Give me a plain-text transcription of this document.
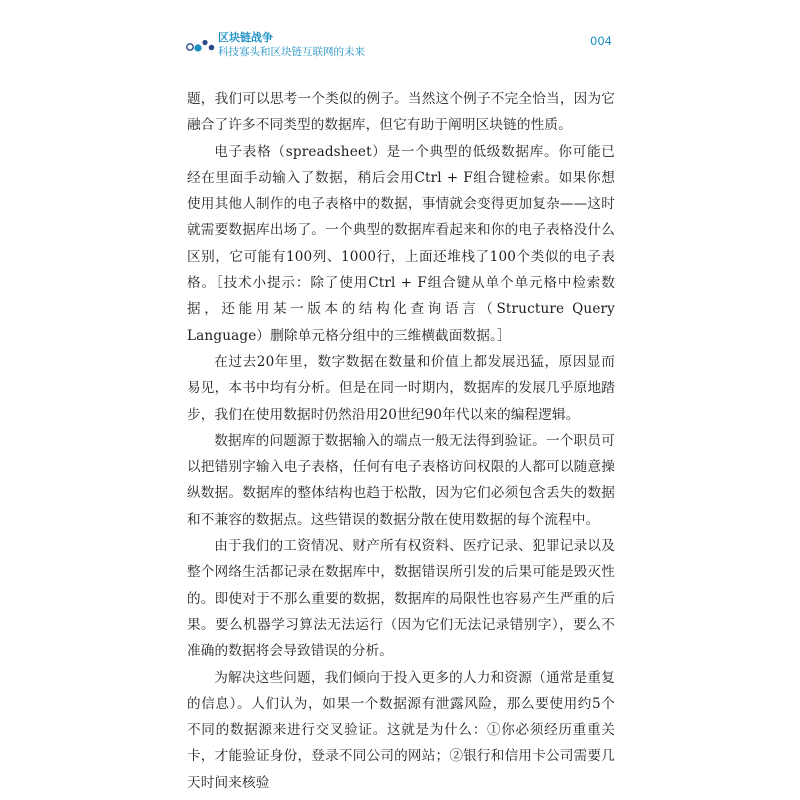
区块链战争
科技寡头和区块链互联网的未来
004

题，我们可以思考一个类似的例子。当然这个例子不完全恰当，因为它融合了许多不同类型的数据库，但它有助于阐明区块链的性质。

电子表格（spreadsheet）是一个典型的低级数据库。你可能已经在里面手动输入了数据，稍后会用Ctrl + F组合键检索。如果你想使用其他人制作的电子表格中的数据，事情就会变得更加复杂——这时就需要数据库出场了。一个典型的数据库看起来和你的电子表格没什么区别，它可能有100列、1000行，上面还堆栈了100个类似的电子表格。［技术小提示：除了使用Ctrl + F组合键从单个单元格中检索数据，还能用某一版本的结构化查询语言（Structure Query Language）删除单元格分组中的三维横截面数据。］

在过去20年里，数字数据在数量和价值上都发展迅猛，原因显而易见，本书中均有分析。但是在同一时期内，数据库的发展几乎原地踏步，我们在使用数据时仍然沿用20世纪90年代以来的编程逻辑。

数据库的问题源于数据输入的端点一般无法得到验证。一个职员可以把错别字输入电子表格，任何有电子表格访问权限的人都可以随意操纵数据。数据库的整体结构也趋于松散，因为它们必须包含丢失的数据和不兼容的数据点。这些错误的数据分散在使用数据的每个流程中。

由于我们的工资情况、财产所有权资料、医疗记录、犯罪记录以及整个网络生活都记录在数据库中，数据错误所引发的后果可能是毁灭性的。即使对于不那么重要的数据，数据库的局限性也容易产生严重的后果。要么机器学习算法无法运行（因为它们无法记录错别字），要么不准确的数据将会导致错误的分析。

为解决这些问题，我们倾向于投入更多的人力和资源（通常是重复的信息）。人们认为，如果一个数据源有泄露风险，那么要使用约5个不同的数据源来进行交叉验证。这就是为什么：①你必须经历重重关卡，才能验证身份，登录不同公司的网站；②银行和信用卡公司需要几天时间来核验
